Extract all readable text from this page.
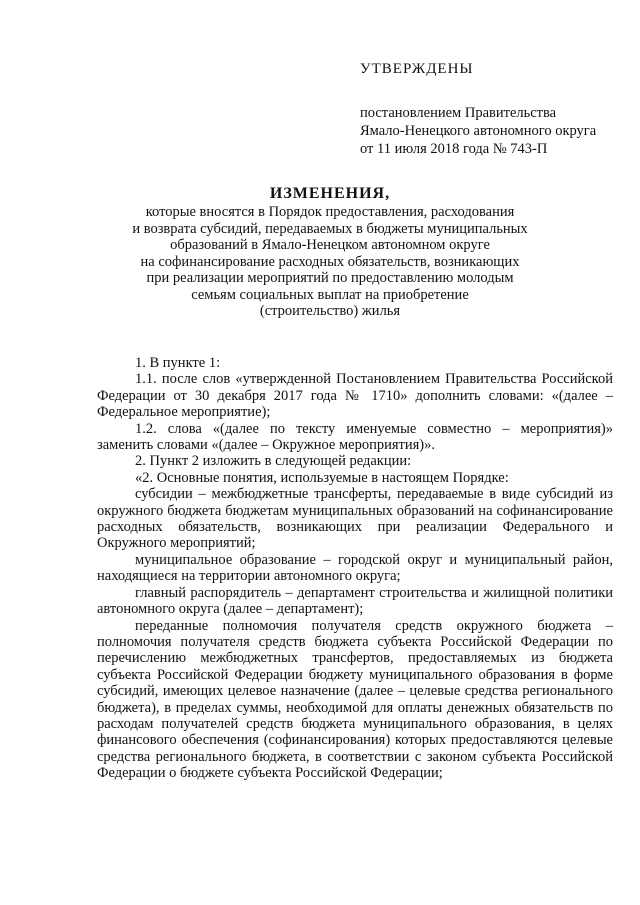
УТВЕРЖДЕНЫ
постановлением Правительства
Ямало-Ненецкого автономного округа
от 11 июля 2018 года № 743-П
ИЗМЕНЕНИЯ,
которые вносятся в Порядок предоставления, расходования
и возврата субсидий, передаваемых в бюджеты муниципальных
образований в Ямало-Ненецком автономном округе
на софинансирование расходных обязательств, возникающих
при реализации мероприятий по предоставлению молодым
семьям социальных выплат на приобретение
(строительство) жилья

1. В пункте 1:

1.1. после слов «утвержденной Постановлением Правительства Российской Федерации от 30 декабря 2017 года № 1710» дополнить словами: «(далее – Федеральное мероприятие);

1.2. слова «(далее по тексту именуемые совместно – мероприятия)» заменить словами «(далее – Окружное мероприятия)».

2. Пункт 2 изложить в следующей редакции:

«2. Основные понятия, используемые в настоящем Порядке:

субсидии – межбюджетные трансферты, передаваемые в виде субсидий из окружного бюджета бюджетам муниципальных образований на софинансирование расходных обязательств, возникающих при реализации Федерального и Окружного мероприятий;

муниципальное образование – городской округ и муниципальный район, находящиеся на территории автономного округа;

главный распорядитель – департамент строительства и жилищной политики автономного округа (далее – департамент);

переданные полномочия получателя средств окружного бюджета – полномочия получателя средств бюджета субъекта Российской Федерации по перечислению межбюджетных трансфертов, предоставляемых из бюджета субъекта Российской Федерации бюджету муниципального образования в форме субсидий, имеющих целевое назначение (далее – целевые средства регионального бюджета), в пределах суммы, необходимой для оплаты денежных обязательств по расходам получателей средств бюджета муниципального образования, в целях финансового обеспечения (софинансирования) которых предоставляются целевые средства регионального бюджета, в соответствии с законом субъекта Российской Федерации о бюджете субъекта Российской Федерации;
